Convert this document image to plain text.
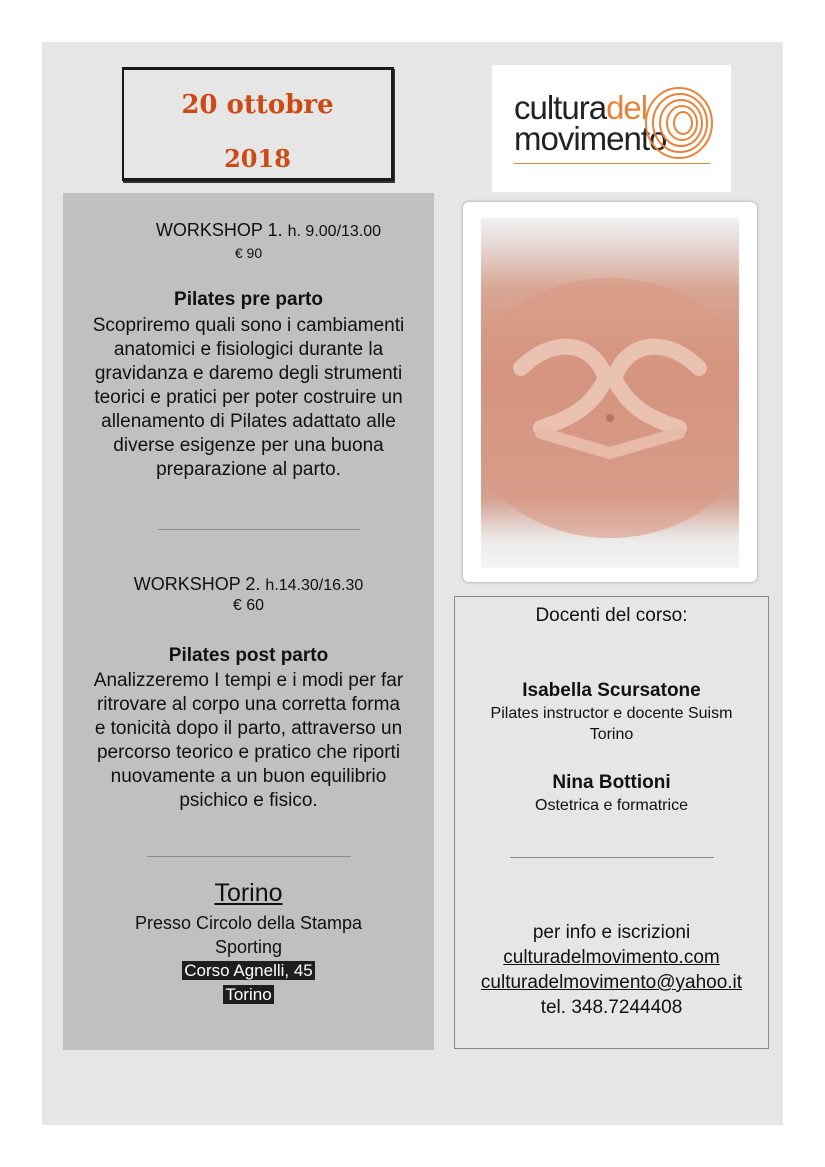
20 ottobre
2018
culturadel
movimento
WORKSHOP 1. h. 9.00/13.00
€ 90
Pilates pre parto
Scopriremo quali sono i cambiamenti
anatomici e fisiologici durante la
gravidanza e daremo degli strumenti
teorici e pratici per poter costruire un
allenamento di Pilates adattato alle
diverse esigenze per una buona
preparazione al parto.
WORKSHOP 2. h.14.30/16.30
€ 60
Pilates post parto
Analizzeremo I tempi e i modi per far
ritrovare al corpo una corretta forma
e tonicità dopo il parto, attraverso un
percorso teorico e pratico che riporti
nuovamente a un buon equilibrio
psichico e fisico.
Torino
Presso Circolo della Stampa
Sporting
Corso Agnelli, 45
Torino
Docenti del corso:
Isabella Scursatone
Pilates instructor e docente Suism
Torino
Nina Bottioni
Ostetrica e formatrice
per info e iscrizioni
culturadelmovimento.com
culturadelmovimento@yahoo.it
tel. 348.7244408
